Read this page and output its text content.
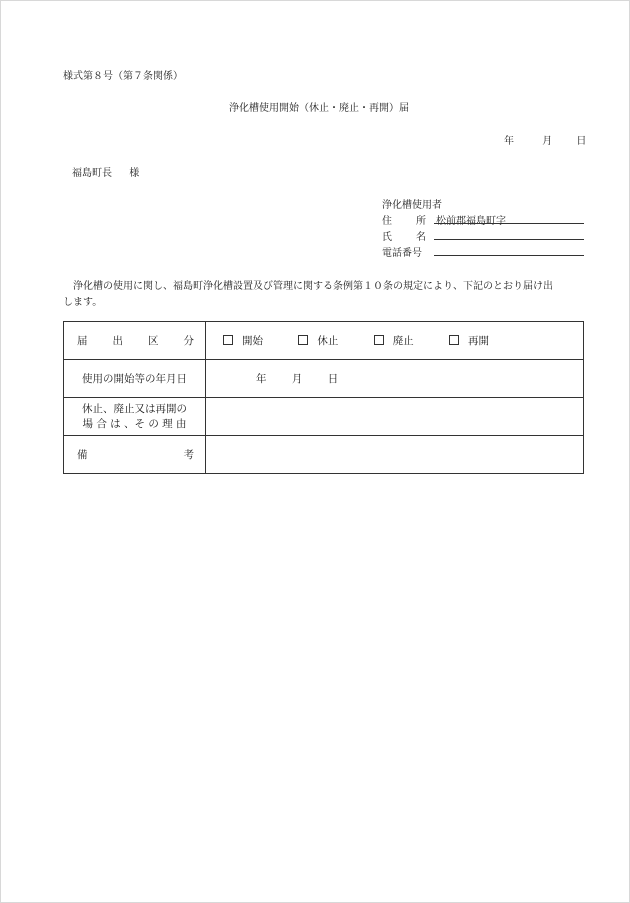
様式第８号（第７条関係）
浄化槽使用開始（休止・廃止・再開）届
年	月 日
福島町長 様
浄化槽使用者
住　所 松前郡福島町字
氏　名
電話番号
浄化槽の使用に関し、福島町浄化槽設置及び管理に関する条例第１０条の規定により、下記のとおり届け出
します。
届 出 区 分	開始 休止 廃止 再開
使用の開始等の年月日	年 月 日

休止、廃止又は再開の
場 合 は 、そ の 理 由	

備 考	
